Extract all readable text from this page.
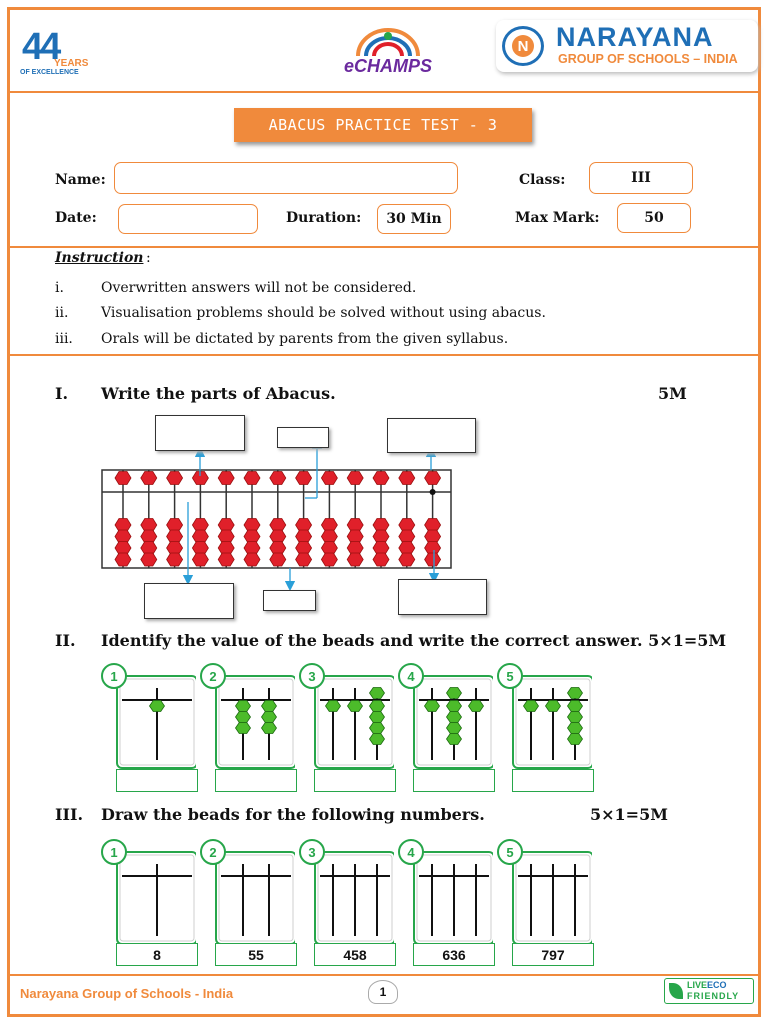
44
YEARS
OF EXCELLENCE	eCHAMPS
N NARAYANA
GROUP OF SCHOOLS – INDIA
ABACUS PRACTICE TEST - 3
Name:	Class:	III
Date:	Duration:	30 Min	Max Mark:	50
Instruction :
i.	Overwritten answers will not be considered.
ii. Visualisation problems should be solved without using abacus.
iii. Orals will be dictated by parents from the given syllabus.
I. Write the parts of Abacus.	5M
II. Identify the value of the beads and write the correct answer. 5×1=5M
1	2	3	4	5
III. Draw the beads for the following numbers.	5×1=5M
1
8
2
55
3
458
4
636
5
797
Narayana Group of Schools - India	1	LIVEECO
FRIENDLY
